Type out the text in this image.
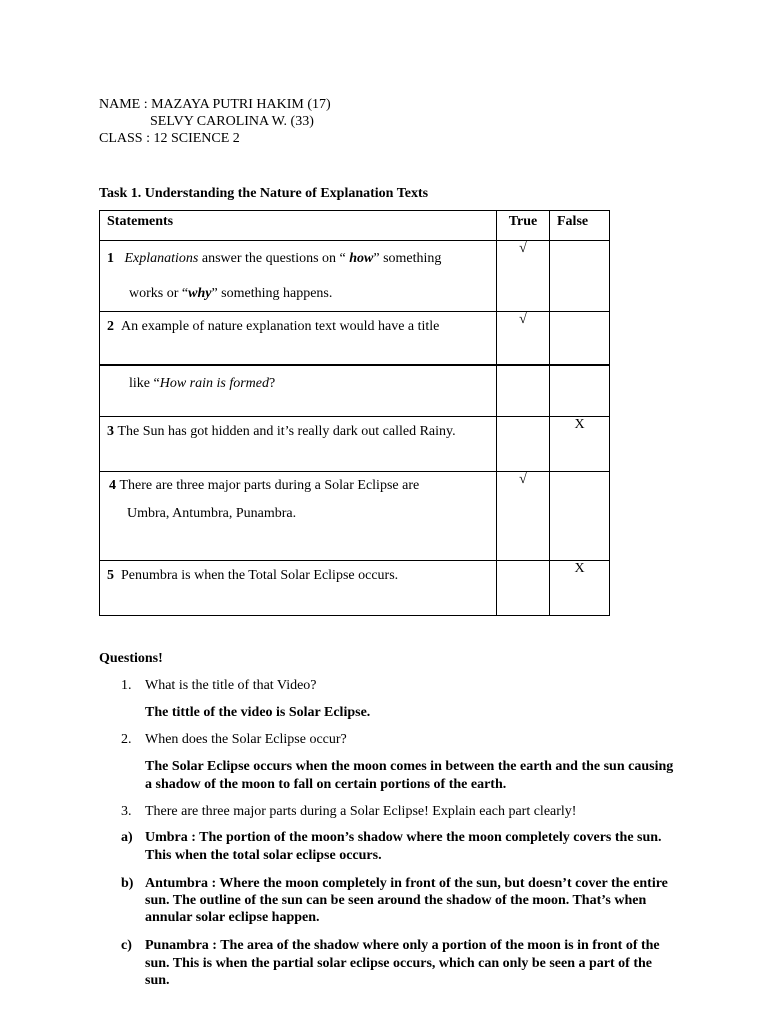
NAME : MAZAYA PUTRI HAKIM (17)
SELVY CAROLINA W. (33)
CLASS : 12 SCIENCE 2
Task 1. Understanding the Nature of Explanation Texts
Statements	True	False

1 Explanations answer the questions on “ how” something
works or “why” something happens.	√	

2 An example of nature explanation text would have a title	√	

like “How rain is formed?		

3 The Sun has got hidden and it’s really dark out called Rainy.		X

4 There are three major parts during a Solar Eclipse are
Umbra, Antumbra, Punambra.	√	

5 Penumbra is when the Total Solar Eclipse occurs.		X
Questions!
1. What is the title of that Video?
The tittle of the video is Solar Eclipse.
2. When does the Solar Eclipse occur?
The Solar Eclipse occurs when the moon comes in between the earth and the sun causing
a shadow of the moon to fall on certain portions of the earth.
3. There are three major parts during a Solar Eclipse! Explain each part clearly!
a) Umbra : The portion of the moon’s shadow where the moon completely covers the sun.
This when the total solar eclipse occurs.
b) Antumbra : Where the moon completely in front of the sun, but doesn’t cover the entire
sun. The outline of the sun can be seen around the shadow of the moon. That’s when
annular solar eclipse happen.
c) Punambra : The area of the shadow where only a portion of the moon is in front of the
sun. This is when the partial solar eclipse occurs, which can only be seen a part of the
sun.
